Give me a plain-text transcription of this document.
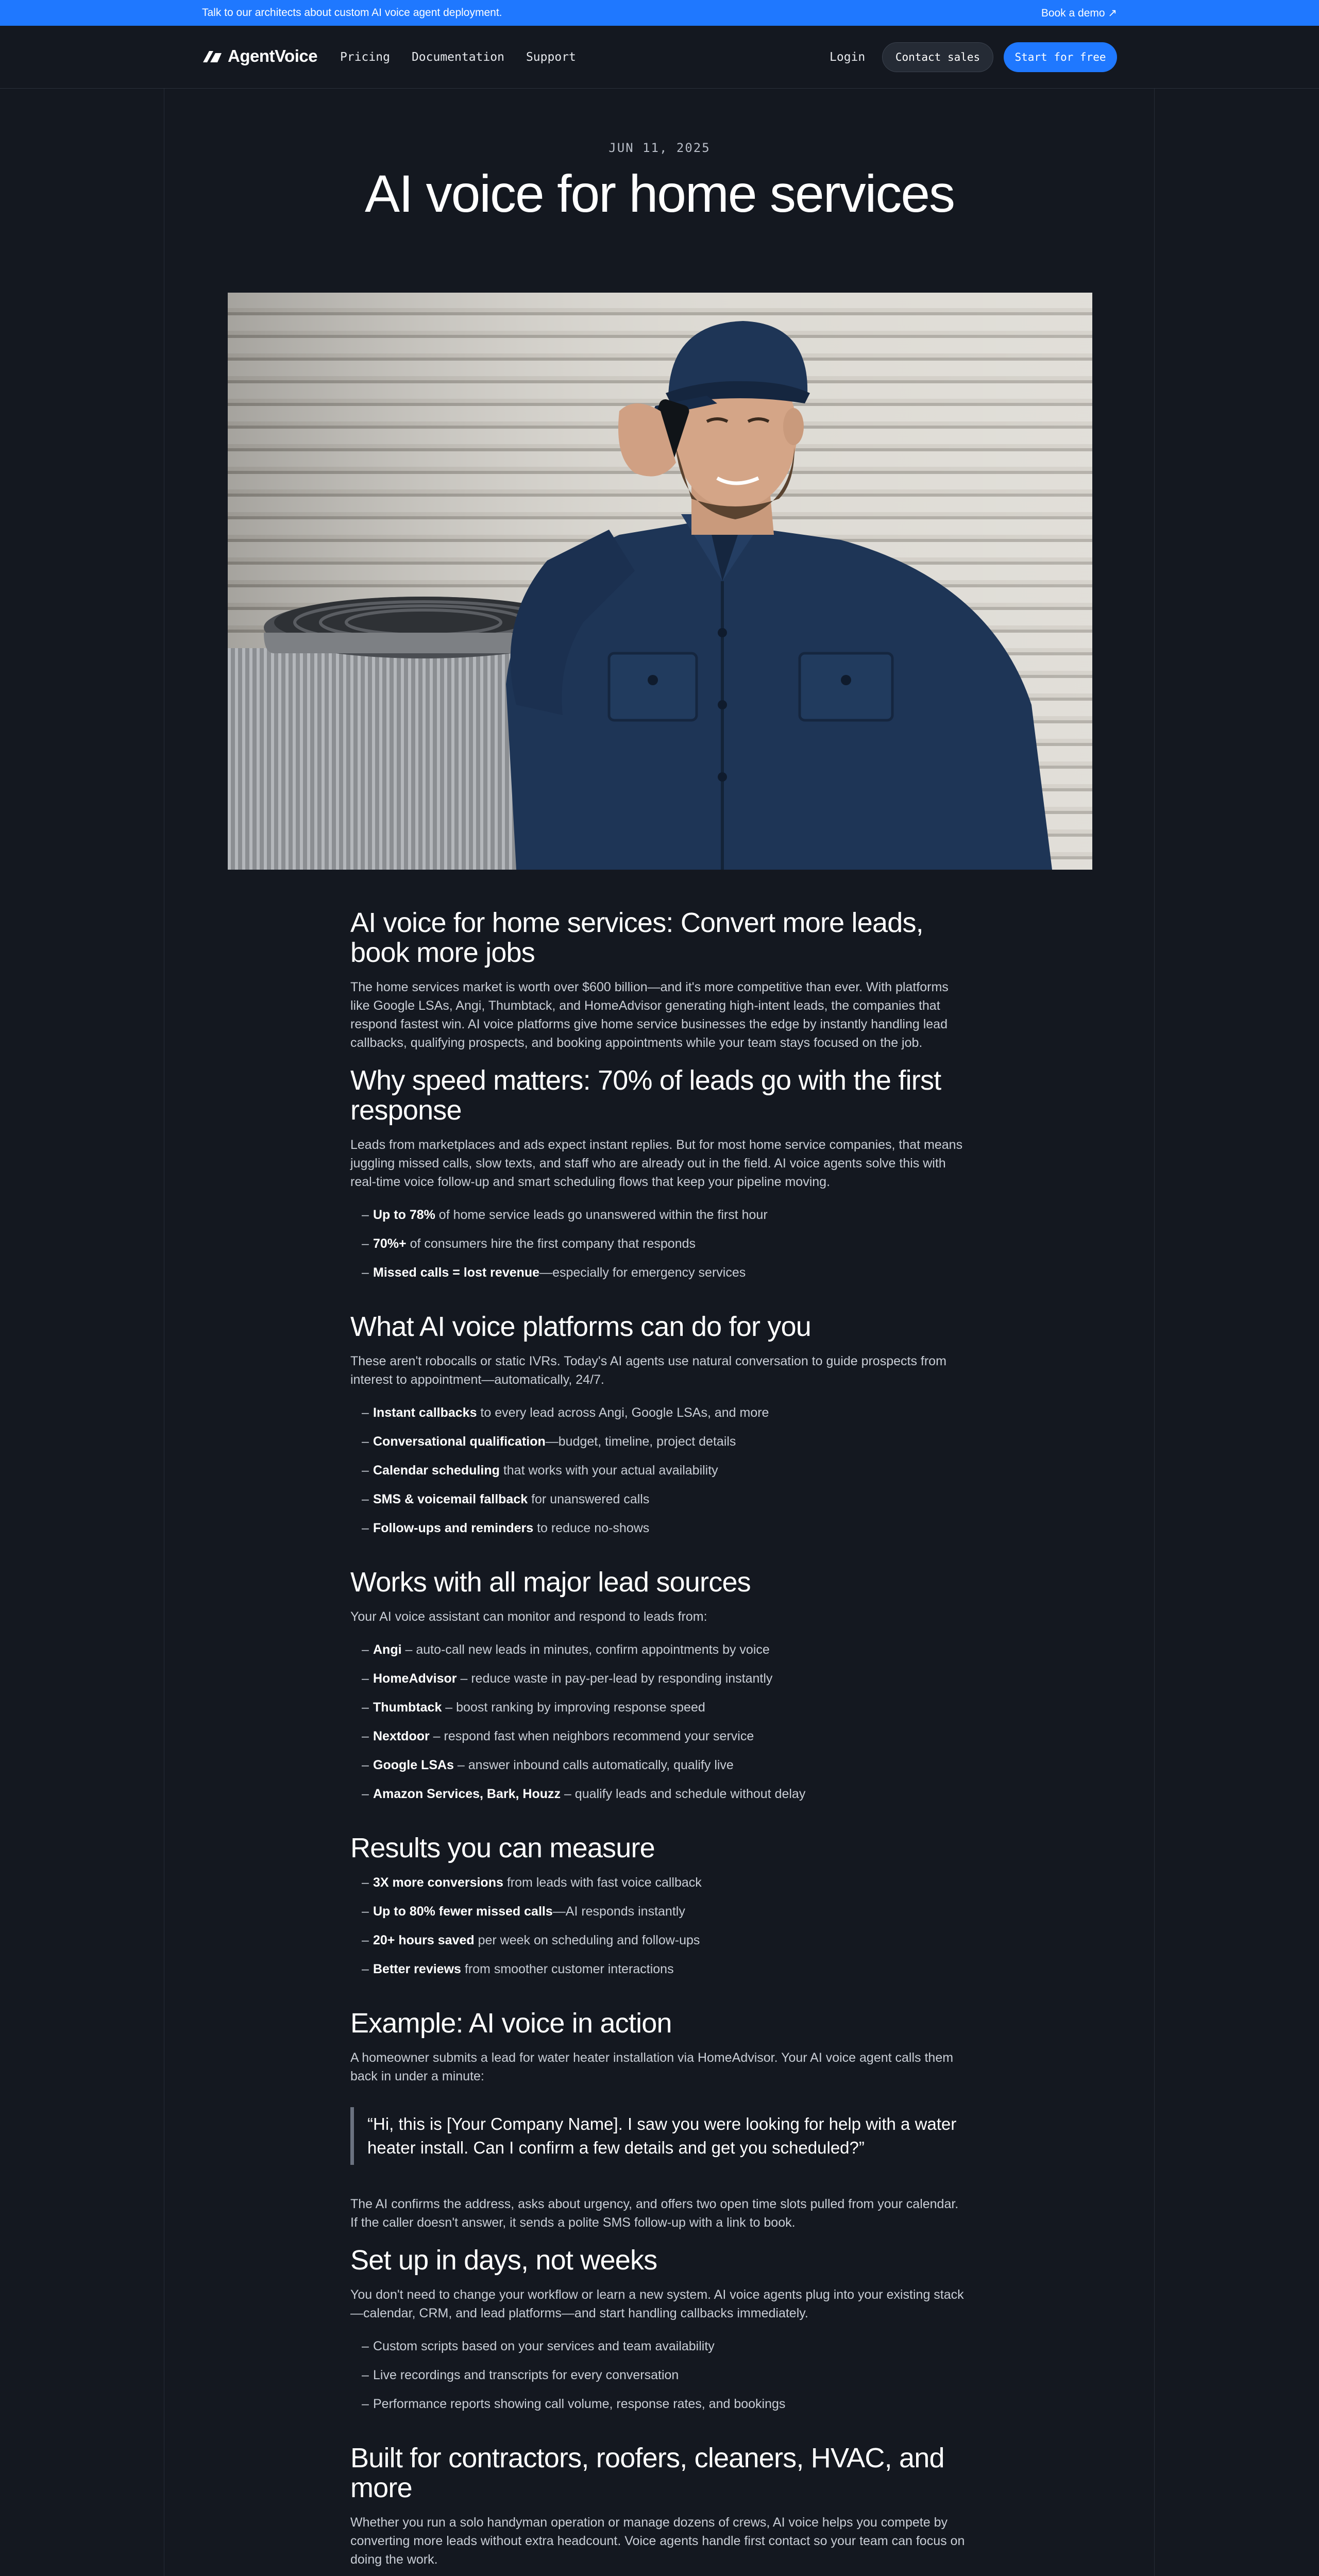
Talk to our architects about custom AI voice agent deployment.	Book a demo ↗
AgentVoice Pricing Documentation Support	Login	Contact sales	Start for free
JUN 11, 2025
AI voice for home services
AI voice for home services: Convert more leads, book more jobs

The home services market is worth over $600 billion—and it's more competitive than ever. With platforms like Google LSAs, Angi, Thumbtack, and HomeAdvisor generating high-intent leads, the companies that respond fastest win. AI voice platforms give home service businesses the edge by instantly handling lead callbacks, qualifying prospects, and booking appointments while your team stays focused on the job.

Why speed matters: 70% of leads go with the first response

Leads from marketplaces and ads expect instant replies. But for most home service companies, that means juggling missed calls, slow texts, and staff who are already out in the field. AI voice agents solve this with real-time voice follow-up and smart scheduling flows that keep your pipeline moving.

– Up to 78% of home service leads go unanswered within the first hour
– 70%+ of consumers hire the first company that responds
– Missed calls = lost revenue—especially for emergency services
What AI voice platforms can do for you

These aren't robocalls or static IVRs. Today's AI agents use natural conversation to guide prospects from interest to appointment—automatically, 24/7.

– Instant callbacks to every lead across Angi, Google LSAs, and more
– Conversational qualification—budget, timeline, project details
– Calendar scheduling that works with your actual availability
– SMS & voicemail fallback for unanswered calls
– Follow-ups and reminders to reduce no-shows
Works with all major lead sources

Your AI voice assistant can monitor and respond to leads from:

– Angi – auto-call new leads in minutes, confirm appointments by voice
– HomeAdvisor – reduce waste in pay-per-lead by responding instantly
– Thumbtack – boost ranking by improving response speed
– Nextdoor – respond fast when neighbors recommend your service
– Google LSAs – answer inbound calls automatically, qualify live
– Amazon Services, Bark, Houzz – qualify leads and schedule without delay
Results you can measure
– 3X more conversions from leads with fast voice callback
– Up to 80% fewer missed calls—AI responds instantly
– 20+ hours saved per week on scheduling and follow-ups
– Better reviews from smoother customer interactions
Example: AI voice in action

A homeowner submits a lead for water heater installation via HomeAdvisor. Your AI voice agent calls them back in under a minute:

“Hi, this is [Your Company Name]. I saw you were looking for help with a water heater install. Can I confirm a few details and get you scheduled?”

The AI confirms the address, asks about urgency, and offers two open time slots pulled from your calendar. If the caller doesn't answer, it sends a polite SMS follow-up with a link to book.

Set up in days, not weeks

You don't need to change your workflow or learn a new system. AI voice agents plug into your existing stack—calendar, CRM, and lead platforms—and start handling callbacks immediately.

– Custom scripts based on your services and team availability
– Live recordings and transcripts for every conversation
– Performance reports showing call volume, response rates, and bookings
Built for contractors, roofers, cleaners, HVAC, and more

Whether you run a solo handyman operation or manage dozens of crews, AI voice helps you compete by converting more leads without extra headcount. Voice agents handle first contact so your team can focus on doing the work.
